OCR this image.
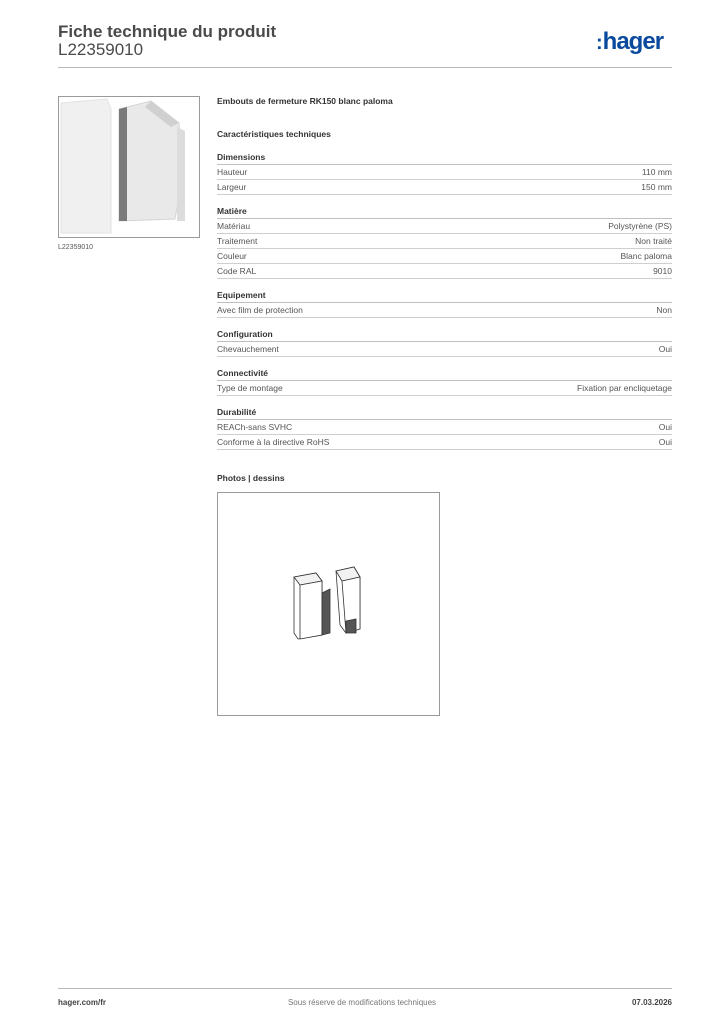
Fiche technique du produit
L22359010	:hager
L22359010
Embouts de fermeture RK150 blanc paloma
Caractéristiques techniques
Dimensions
Hauteur	110 mm
Largeur	150 mm
Matière
Matériau	Polystyrène (PS)
Traitement	Non traité
Couleur	Blanc paloma
Code RAL	9010
Equipement
Avec film de protection	Non
Configuration
Chevauchement	Oui
Connectivité
Type de montage	Fixation par encliquetage
Durabilité
REACh-sans SVHC	Oui
Conforme à la directive RoHS	Oui
Photos | dessins
hager.com/fr	Sous réserve de modifications techniques	07.03.2026
